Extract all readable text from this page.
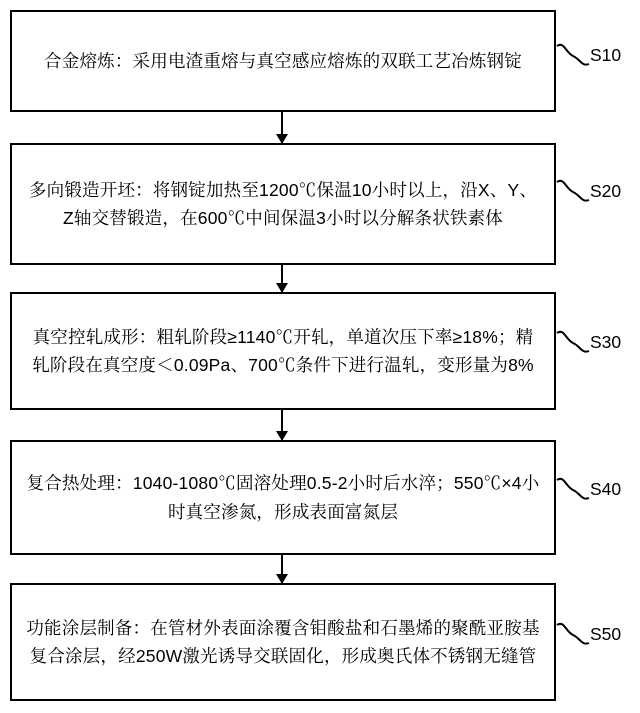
合金熔炼：采用电渣重熔与真空感应熔炼的双联工艺冶炼钢锭	S10
多向锻造开坯：将钢锭加热至1200℃保温10小时以上，沿X、Y、Z轴交替锻造，在600℃中间保温3小时以分解条状铁素体
S20
真空控轧成形：粗轧阶段≥1140℃开轧，单道次压下率≥18%；精轧阶段在真空度＜0.09Pa、700℃条件下进行温轧，变形量为8%
S30
复合热处理：1040-1080℃固溶处理0.5-2小时后水淬；550℃×4小时真空渗氮，形成表面富氮层
S40
功能涂层制备：在管材外表面涂覆含钼酸盐和石墨烯的聚酰亚胺基复合涂层，经250W激光诱导交联固化，形成奥氏体不锈钢无缝管
S50
